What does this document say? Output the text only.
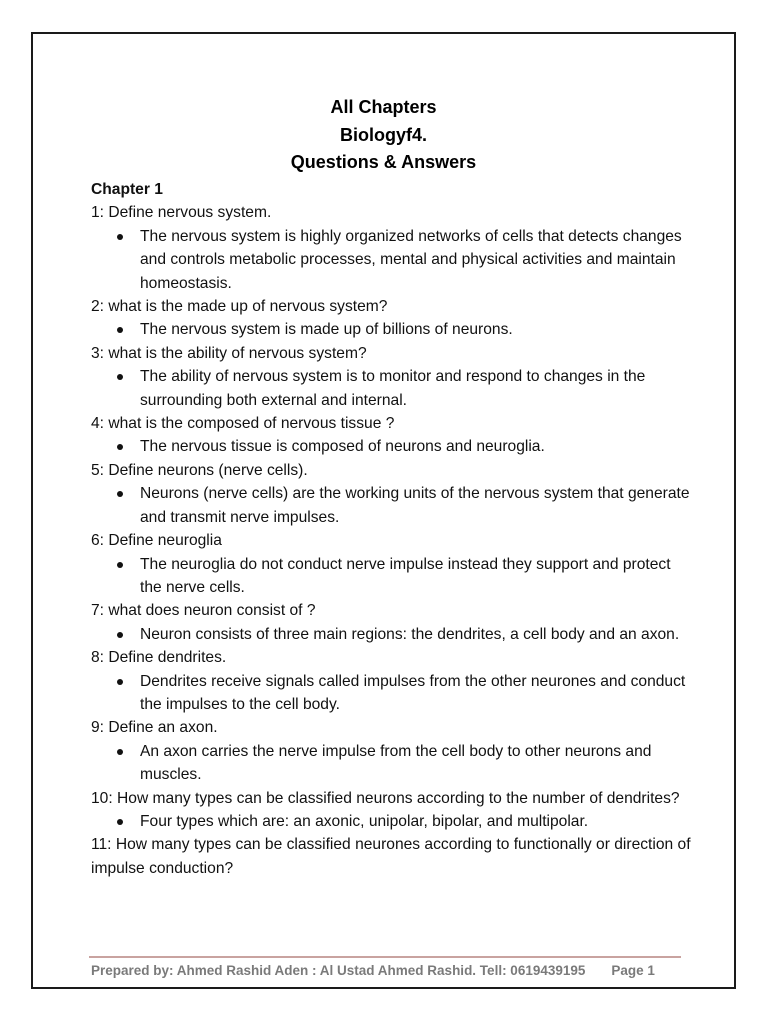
All Chapters
Biologyf4.
Questions & Answers
Chapter 1
1: Define nervous system.
The nervous system is highly organized networks of cells that detects changes and controls metabolic processes, mental and physical activities and maintain homeostasis.
2: what is the made up of nervous system?
The nervous system is made up of billions of neurons.
3: what is the ability of nervous system?
The ability of nervous system is to monitor and respond to changes in the surrounding both external and internal.
4: what is the composed of nervous tissue ?
The nervous tissue is composed of neurons and neuroglia.
5: Define neurons (nerve cells).
Neurons (nerve cells) are the working units of the nervous system that generate and transmit nerve impulses.
6: Define neuroglia
The neuroglia do not conduct nerve impulse instead they support and protect the nerve cells.
7: what does neuron consist of ?
Neuron consists of three main regions: the dendrites, a cell body and an axon.
8: Define dendrites.
Dendrites receive signals called impulses from the other neurones and conduct the impulses to the cell body.
9: Define an axon.
An axon carries the nerve impulse from the cell body to other neurons and muscles.
10: How many types can be classified neurons according to the number of dendrites?
Four types which are: an axonic, unipolar, bipolar, and multipolar.
11: How many types can be classified neurones according to functionally or direction of impulse conduction?
Prepared by: Ahmed Rashid Aden : Al Ustad Ahmed Rashid. Tell: 0619439195 Page 1
